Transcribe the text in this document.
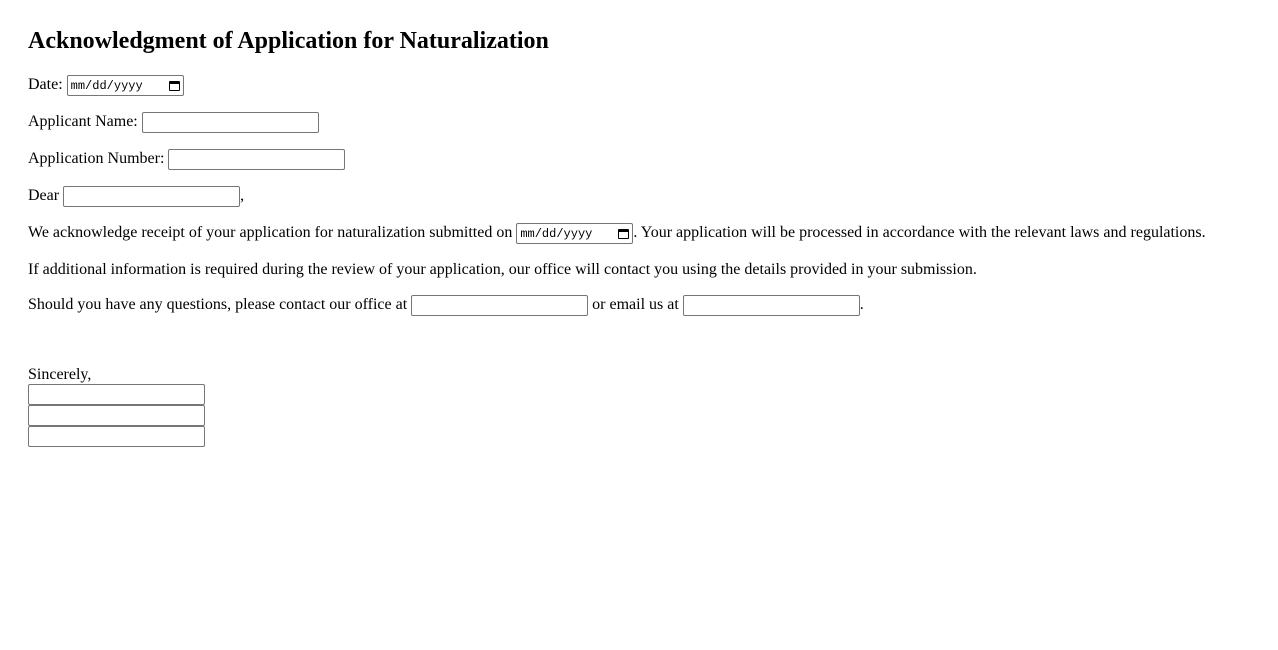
Acknowledgment of Application for Naturalization
Date: mm/dd/yyyy
Applicant Name:
Application Number:
Dear	,
We acknowledge receipt of your application for naturalization submitted on mm/dd/yyyy	. Your application will be processed in accordance with the relevant laws and regulations.
If additional information is required during the review of your application, our office will contact you using the details provided in your submission.
Should you have any questions, please contact our office at	or email us at	.
Sincerely,
